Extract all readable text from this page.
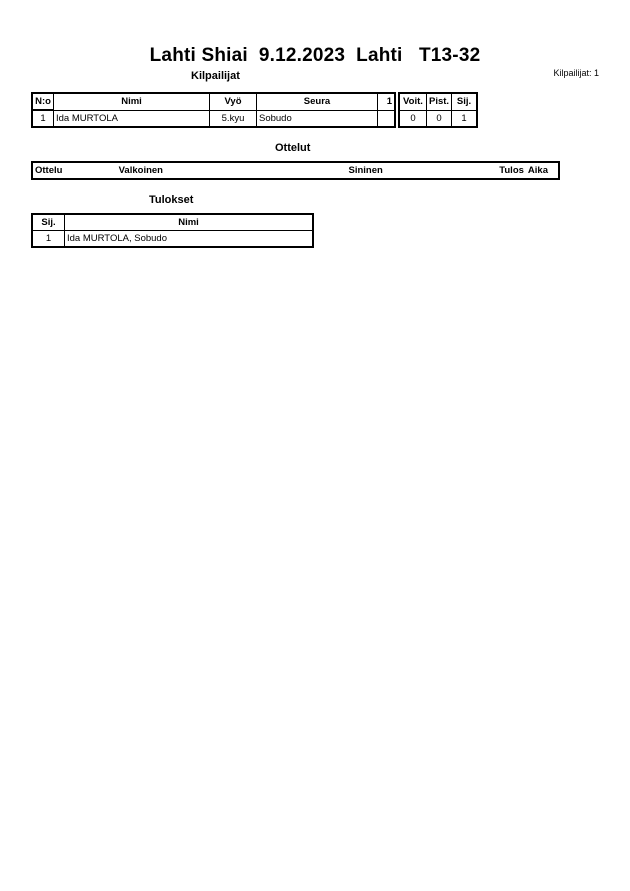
Lahti Shiai  9.12.2023  Lahti   T13-32
Kilpailijat: 1
Kilpailijat
N:o	Nimi	Vyö	Seura	1		Voit.	Pist.	Sij.
1	Ida MURTOLA	5.kyu	Sobudo			0	0	1
Ottelut
Ottelu	Valkoinen	Sininen	Tulos	Aika
Tulokset
Sij.	Nimi
1	Ida MURTOLA, Sobudo
